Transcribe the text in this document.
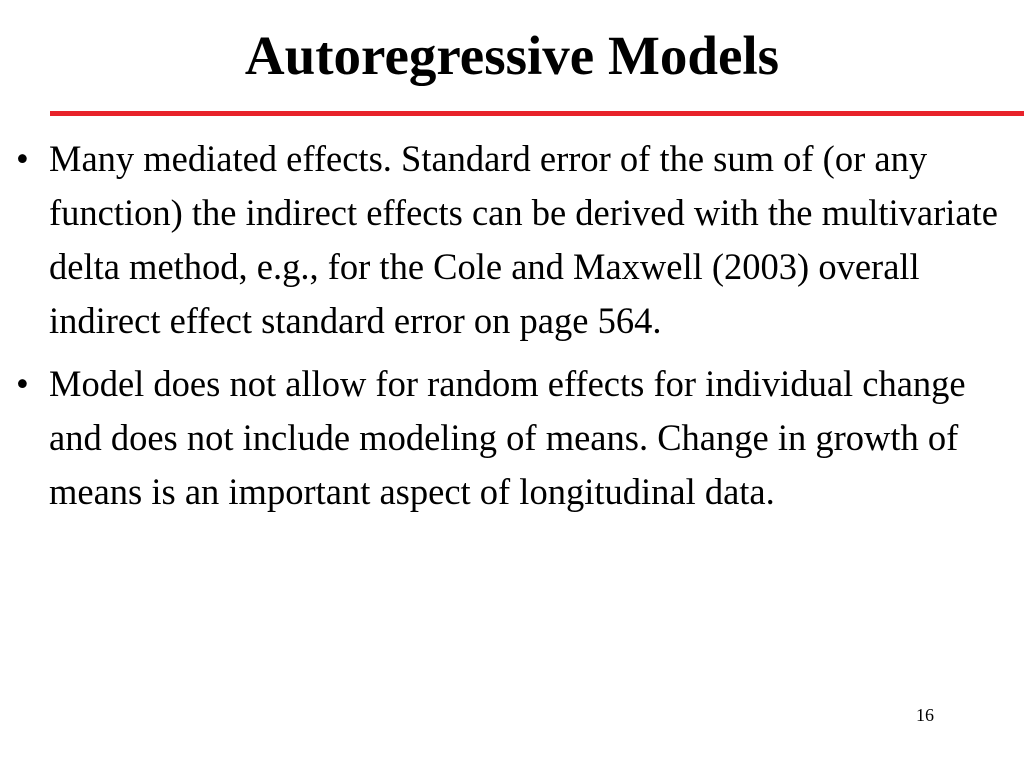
Autoregressive Models
• Many mediated effects. Standard error of the sum of (or any function) the indirect effects can be derived with the multivariate delta method, e.g., for the Cole and Maxwell (2003) overall indirect effect standard error on page 564.
• Model does not allow for random effects for individual change and does not include modeling of means. Change in growth of means is an important aspect of longitudinal data.
16
